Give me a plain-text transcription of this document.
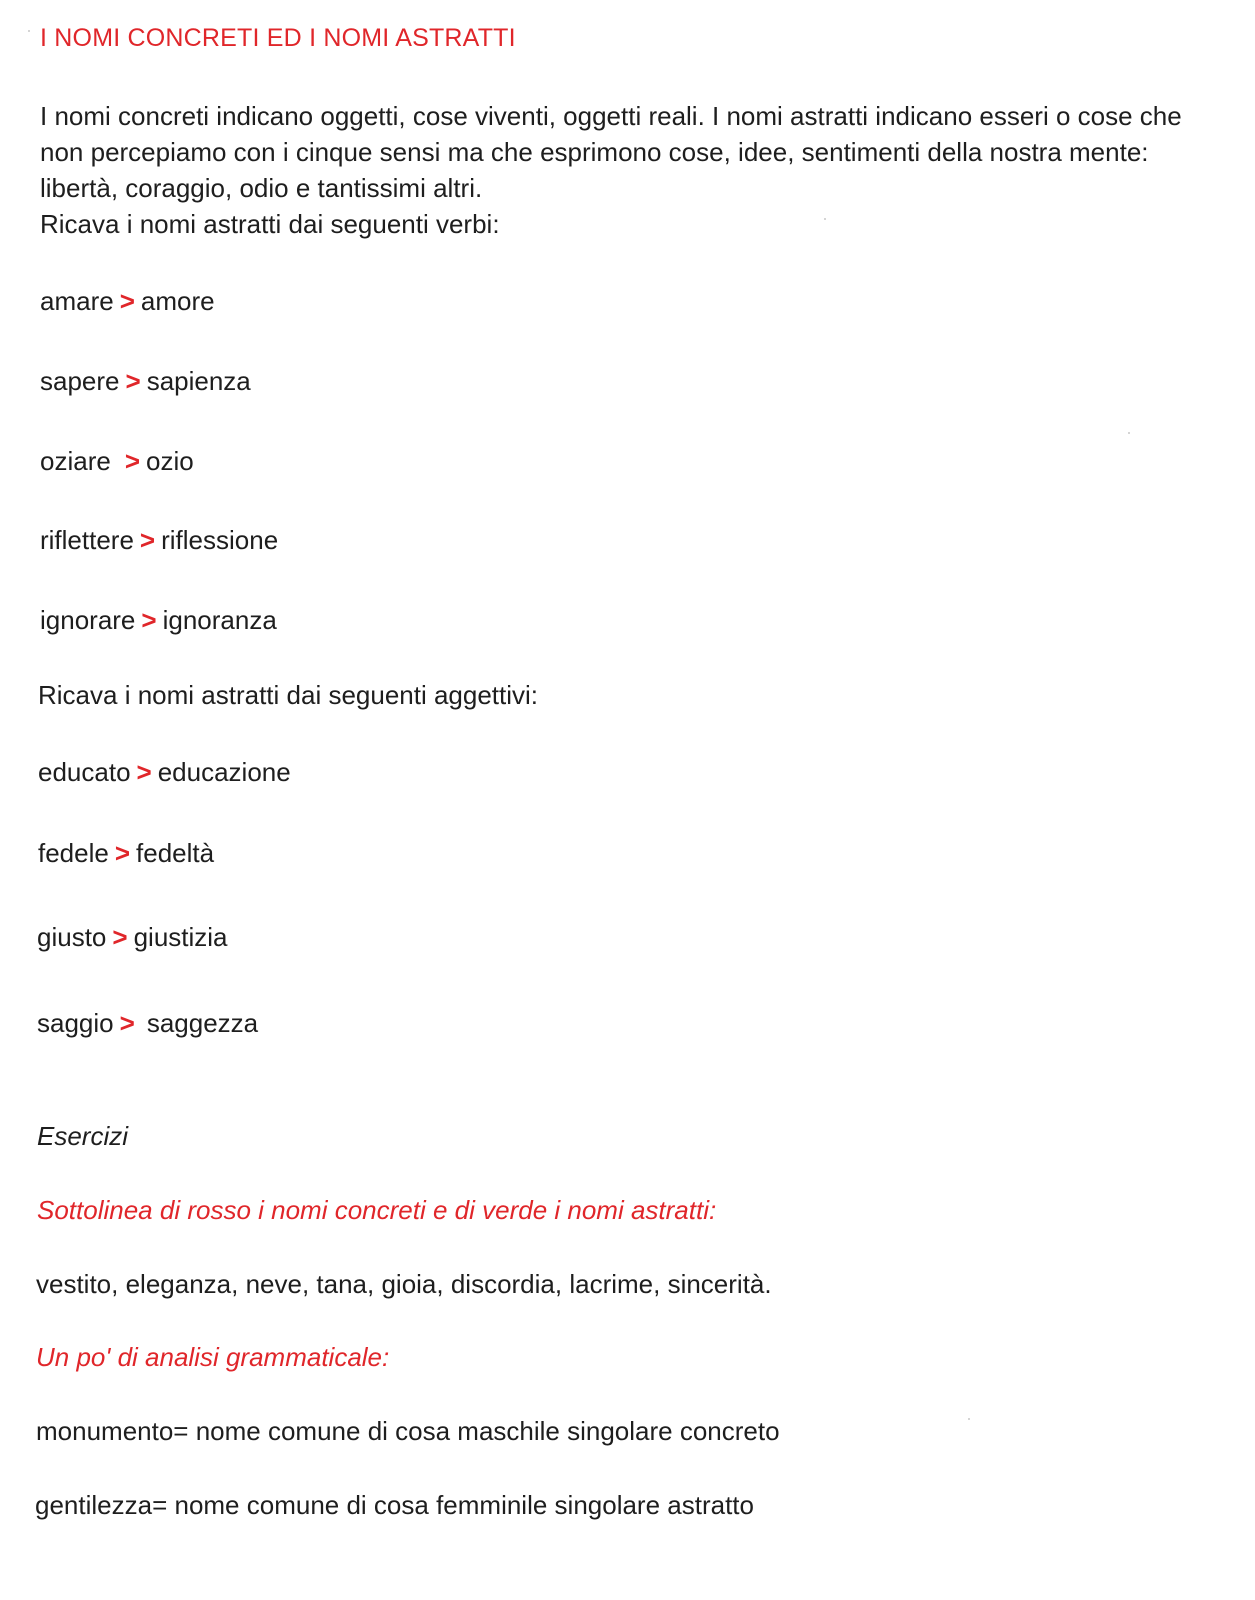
I NOMI CONCRETI ED I NOMI ASTRATTI

I nomi concreti indicano oggetti, cose viventi, oggetti reali. I nomi astratti indicano esseri o cose che non percepiamo con i cinque sensi ma che esprimono cose, idee, sentimenti della nostra mente: libertà, coraggio, odio e tantissimi altri.

Ricava i nomi astratti dai seguenti verbi:

amare > amore
sapere > sapienza
oziare > ozio
riflettere > riflessione
ignorare > ignoranza
Ricava i nomi astratti dai seguenti aggettivi:
educato > educazione
fedele > fedeltà
giusto > giustizia
saggio > saggezza
Esercizi
Sottolinea di rosso i nomi concreti e di verde i nomi astratti:
vestito, eleganza, neve, tana, gioia, discordia, lacrime, sincerità.
Un po' di analisi grammaticale:
monumento= nome comune di cosa maschile singolare concreto
gentilezza= nome comune di cosa femminile singolare astratto
